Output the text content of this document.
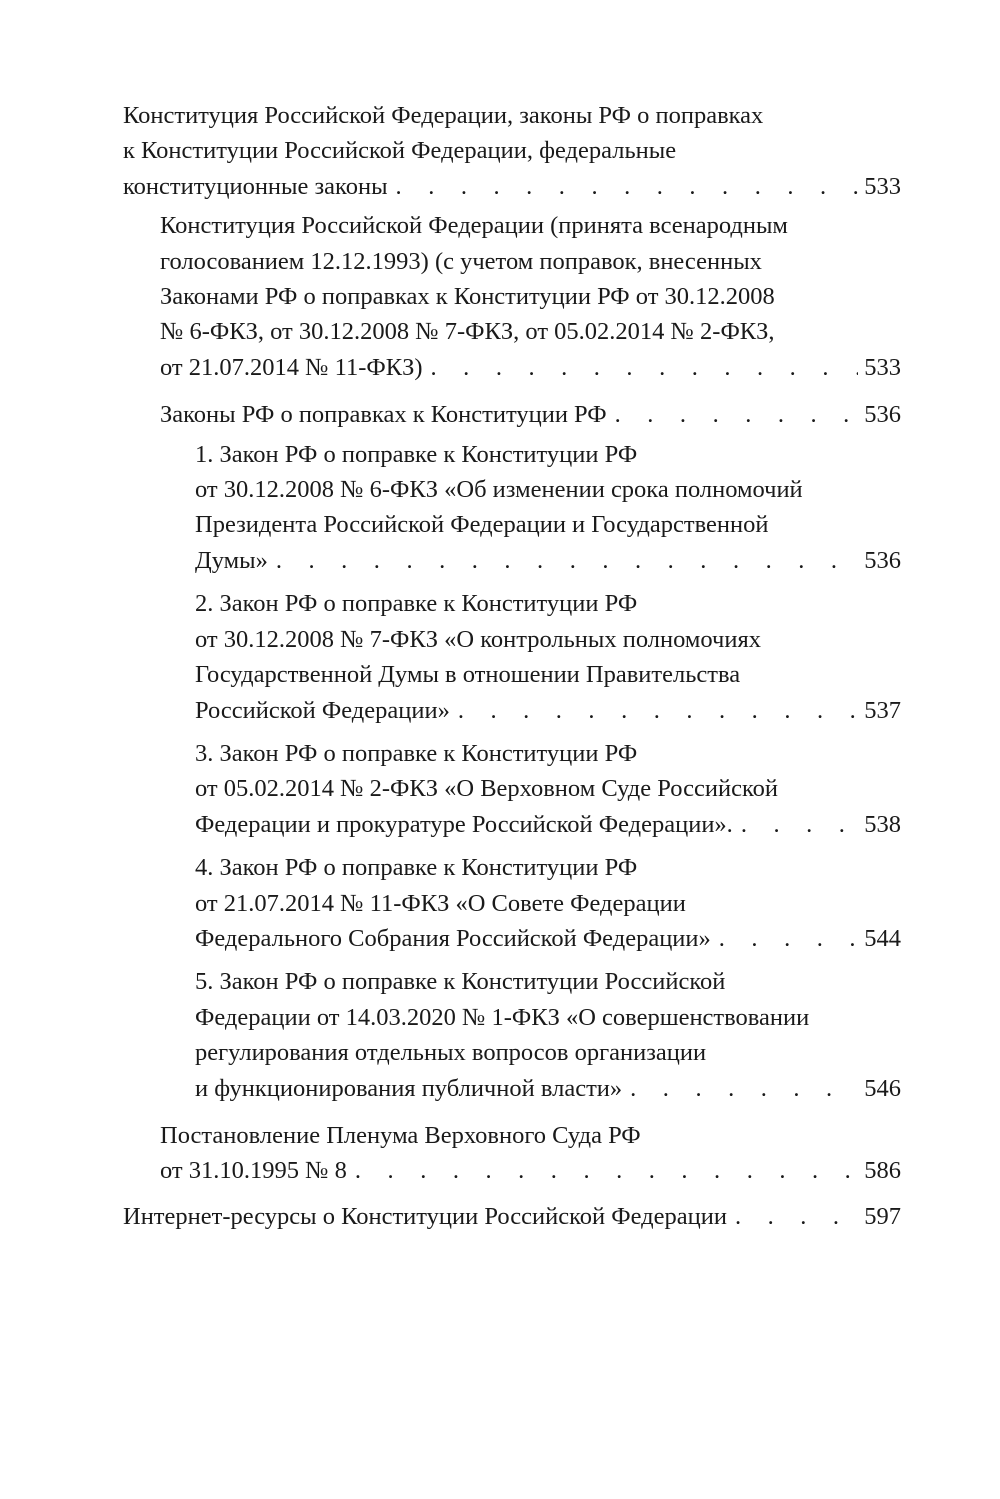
Конституция Российской Федерации, законы РФ о поправках
к Конституции Российской Федерации, федеральные
конституционные законы . . .	533
Конституция Российской Федерации (принята всенародным
голосованием 12.12.1993) (с учетом поправок, внесенных
Законами РФ о поправках к Конституции РФ от 30.12.2008
№ 6-ФКЗ, от 30.12.2008 № 7-ФКЗ, от 05.02.2014 № 2-ФКЗ,
от 21.07.2014 № 11-ФКЗ) . . .	533
Законы РФ о поправках к Конституции РФ . . .	536
1. Закон РФ о поправке к Конституции РФ
от 30.12.2008 № 6-ФКЗ «Об изменении срока полномочий
Президента Российской Федерации и Государственной
Думы» . . .	536
2. Закон РФ о поправке к Конституции РФ
от 30.12.2008 № 7-ФКЗ «О контрольных полномочиях
Государственной Думы в отношении Правительства
Российской Федерации» . . .	537
3. Закон РФ о поправке к Конституции РФ
от 05.02.2014 № 2-ФКЗ «О Верховном Суде Российской
Федерации и прокуратуре Российской Федерации». . . .	538
4. Закон РФ о поправке к Конституции РФ
от 21.07.2014 № 11-ФКЗ «О Совете Федерации
Федерального Собрания Российской Федерации» . . .	544
5. Закон РФ о поправке к Конституции Российской
Федерации от 14.03.2020 № 1-ФКЗ «О совершенствовании
регулирования отдельных вопросов организации
и функционирования публичной власти» . . .	546
Постановление Пленума Верховного Суда РФ
от 31.10.1995 № 8 . . .	586
Интернет-ресурсы о Конституции Российской Федерации . . .	597
